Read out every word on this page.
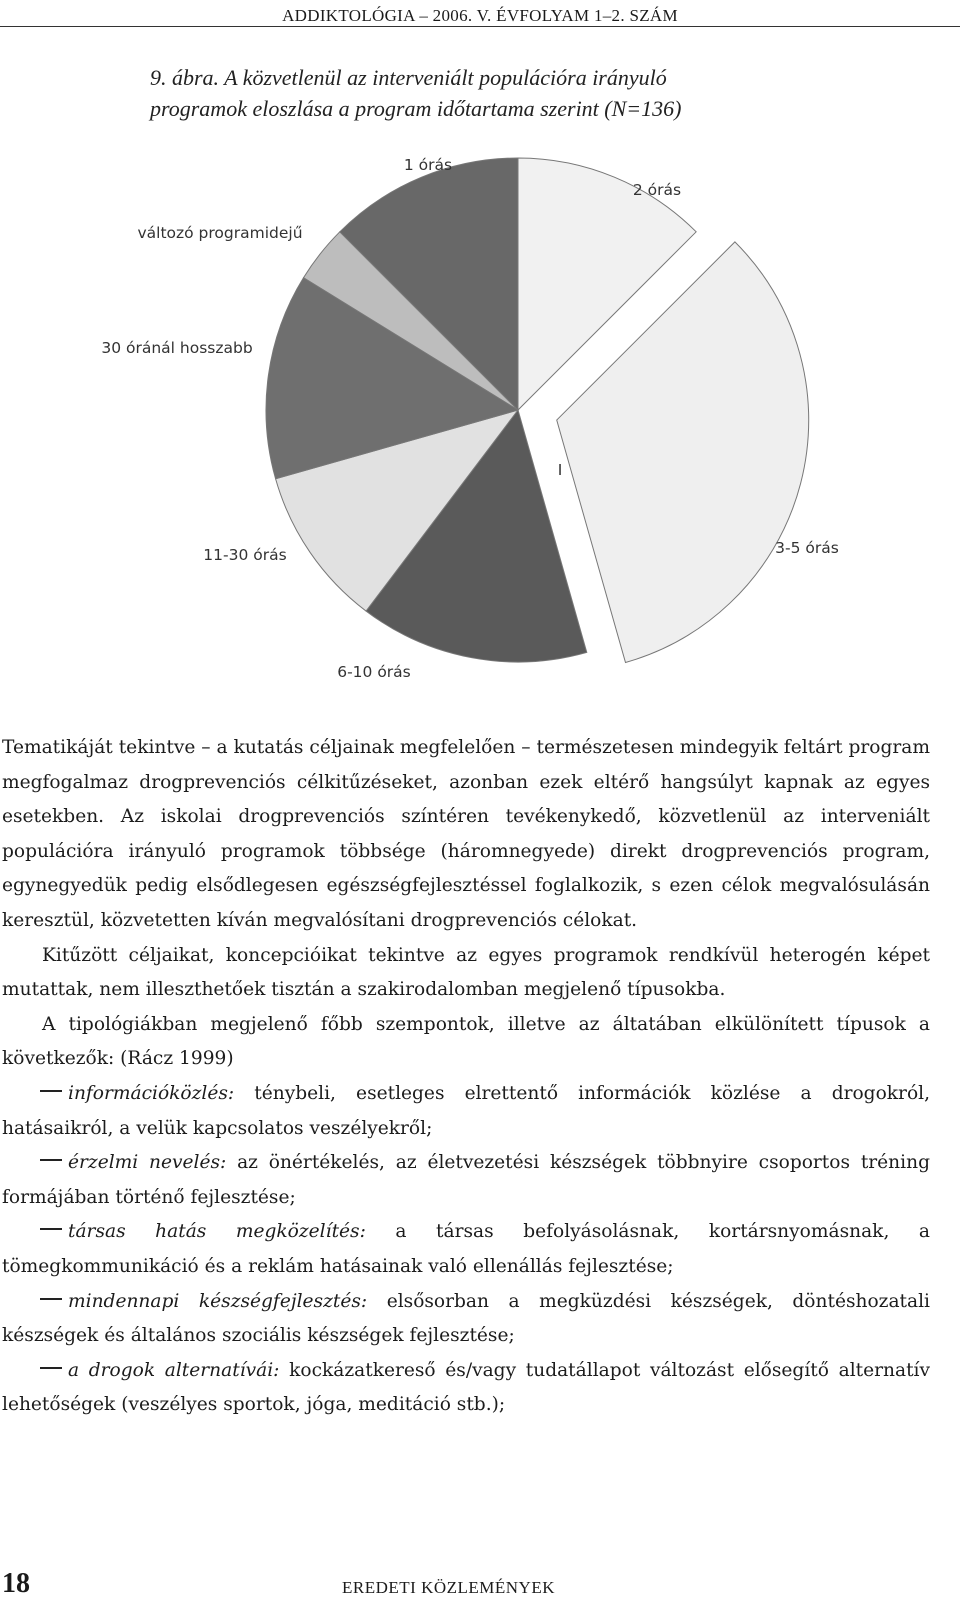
ADDIKTOLÓGIA – 2006. V. ÉVFOLYAM 1–2. SZÁM
9. ábra. A közvetlenül az interveniált populációra irányuló
programok eloszlása a program időtartama szerint (N=136)
2 órás
3-5 órás
6-10 órás
11-30 órás
30 óránál hosszabb
változó programidejű
1 órás
I

Tematikáját tekintve – a kutatás céljainak megfelelően – természetesen mindegyik feltárt program megfogalmaz drogprevenciós célkitűzéseket, azonban ezek eltérő hangsúlyt kapnak az egyes esetekben. Az iskolai drogprevenciós színtéren tevékenykedő, közvetlenül az interveniált populációra irányuló programok többsége (háromnegyede) direkt drogprevenciós program, egynegyedük pedig elsődlegesen egészségfejlesztéssel foglalkozik, s ezen célok megvalósulásán keresztül, közvetetten kíván megvalósítani drogprevenciós célokat.

Kitűzött céljaikat, koncepcióikat tekintve az egyes programok rendkívül heterogén képet mutattak, nem illeszthetőek tisztán a szakirodalomban megjelenő típusokba.

A tipológiákban megjelenő főbb szempontok, illetve az áltatában elkülönített típusok a következők: (Rácz 1999)

információközlés: ténybeli, esetleges elrettentő információk közlése a drogokról, hatásaikról, a velük kapcsolatos veszélyekről;

érzelmi nevelés: az önértékelés, az életvezetési készségek többnyire csoportos tréning formájában történő fejlesztése;

társas hatás megközelítés: a társas befolyásolásnak, kortársnyomásnak, a tömegkommunikáció és a reklám hatásainak való ellenállás fejlesztése;

mindennapi készségfejlesztés: elsősorban a megküzdési készségek, döntéshozatali készségek és általános szociális készségek fejlesztése;

a drogok alternatívái: kockázatkereső és/vagy tudatállapot változást elősegítő alternatív lehetőségek (veszélyes sportok, jóga, meditáció stb.);

18	EREDETI KÖZLEMÉNYEK
